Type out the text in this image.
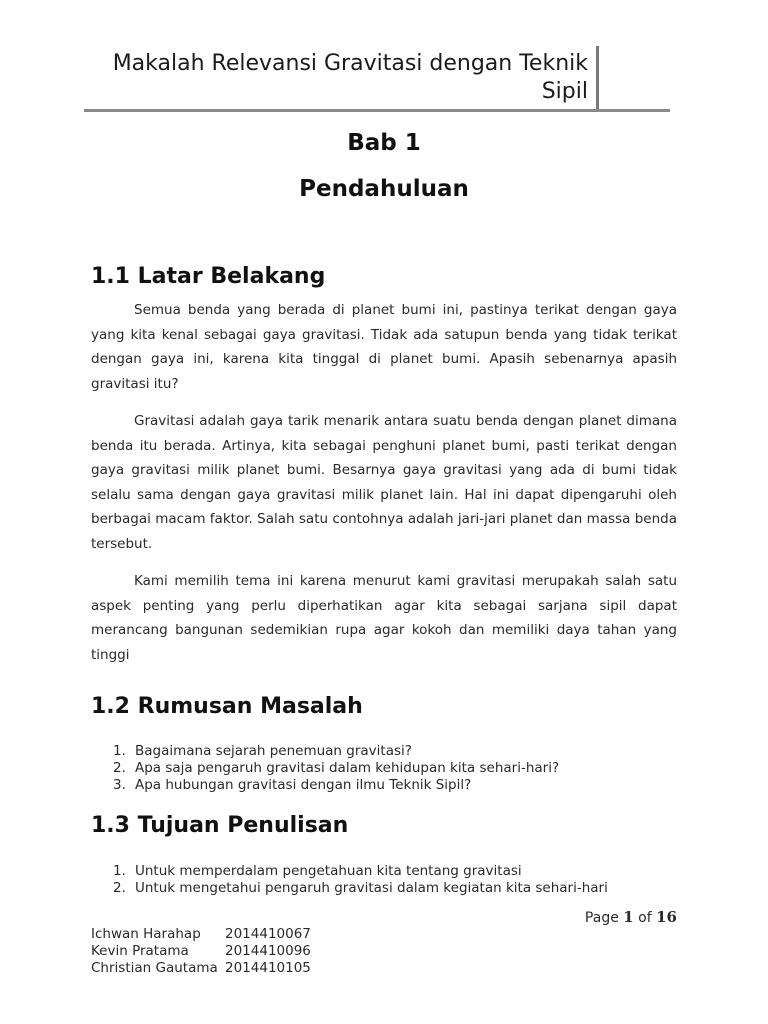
Makalah Relevansi Gravitasi dengan Teknik Sipil
Bab 1
Pendahuluan
1.1 Latar Belakang

Semua benda yang berada di planet bumi ini, pastinya terikat dengan gaya yang kita kenal sebagai gaya gravitasi. Tidak ada satupun benda yang tidak terikat dengan gaya ini, karena kita tinggal di planet bumi. Apasih sebenarnya apasih gravitasi itu?

Gravitasi adalah gaya tarik menarik antara suatu benda dengan planet dimana benda itu berada. Artinya, kita sebagai penghuni planet bumi, pasti terikat dengan gaya gravitasi milik planet bumi. Besarnya gaya gravitasi yang ada di bumi tidak selalu sama dengan gaya gravitasi milik planet lain. Hal ini dapat dipengaruhi oleh berbagai macam faktor. Salah satu contohnya adalah jari-jari planet dan massa benda tersebut.

Kami memilih tema ini karena menurut kami gravitasi merupakah salah satu aspek penting yang perlu diperhatikan agar kita sebagai sarjana sipil dapat merancang bangunan sedemikian rupa agar kokoh dan memiliki daya tahan yang tinggi

1.2 Rumusan Masalah
1. Bagaimana sejarah penemuan gravitasi?
2. Apa saja pengaruh gravitasi dalam kehidupan kita sehari-hari?
3. Apa hubungan gravitasi dengan ilmu Teknik Sipil?
1.3 Tujuan Penulisan
1. Untuk memperdalam pengetahuan kita tentang gravitasi
2. Untuk mengetahui pengaruh gravitasi dalam kegiatan kita sehari-hari
Page 1 of 16
Ichwan Harahap	2014410067
Kevin Pratama	2014410096
Christian Gautama 2014410105
